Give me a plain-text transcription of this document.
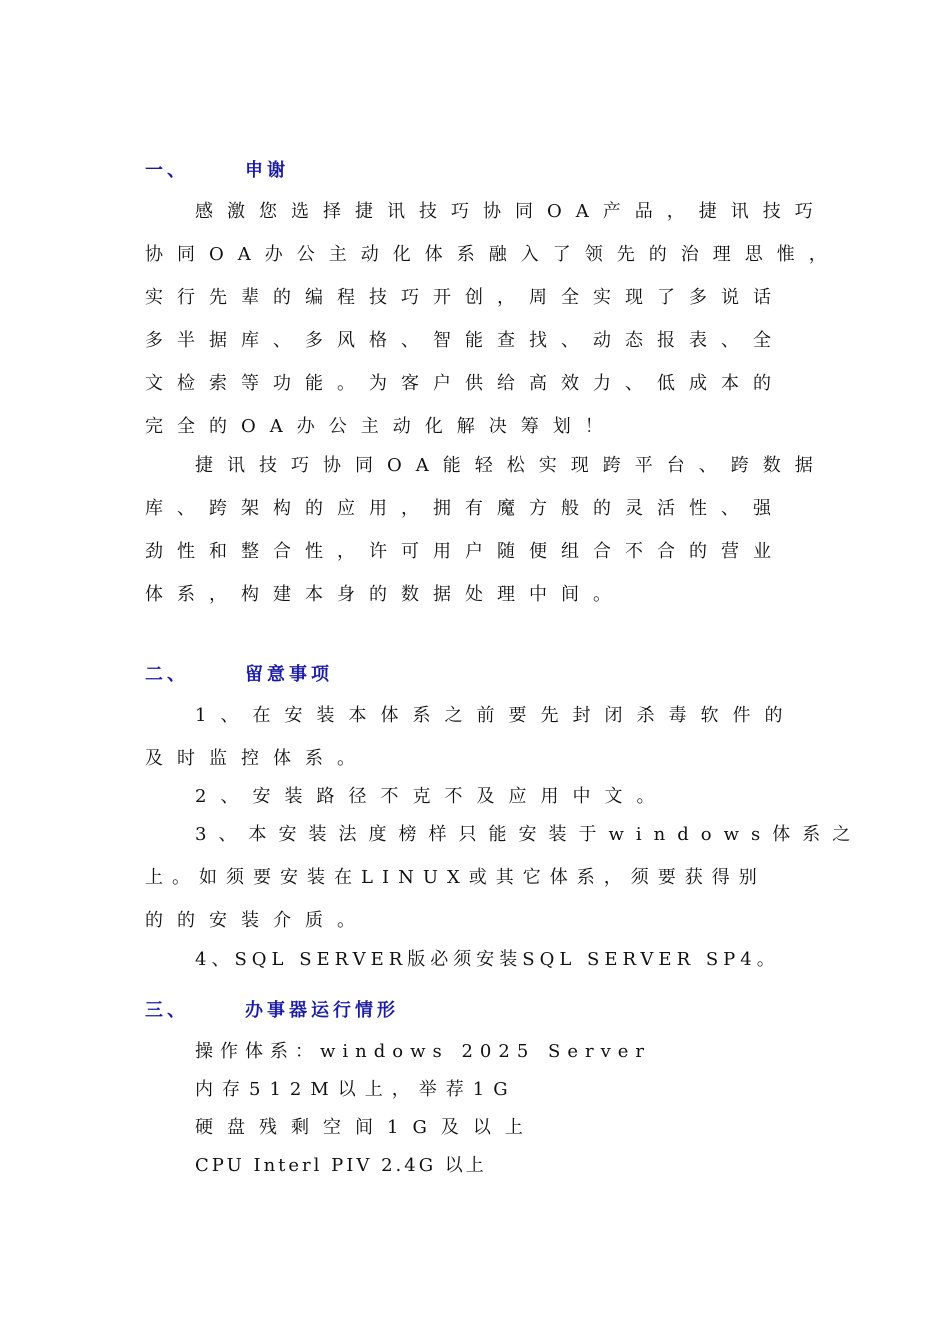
一、	申谢
感激您选择捷讯技巧协同OA产品，捷讯技巧
协同OA办公主动化体系融入了领先的治理思惟，
实行先辈的编程技巧开创，周全实现了多说话
多半据库、多风格、智能查找、动态报表、全
文检索等功能。为客户供给高效力、低成本的
完全的OA办公主动化解决筹划！
捷讯技巧协同OA能轻松实现跨平台、跨数据
库、跨架构的应用，拥有魔方般的灵活性、强
劲性和整合性，许可用户随便组合不合的营业
体系，构建本身的数据处理中间。
二、	留意事项
1、在安装本体系之前要先封闭杀毒软件的
及时监控体系。
2、安装路径不克不及应用中文。
3、本安装法度榜样只能安装于windows体系之
上。如须要安装在LINUX或其它体系，须要获得别
的的安装介质。
4、SQL SERVER版必须安装SQL SERVER SP4。
三、	办事器运行情形
操作体系：windows 2025 Server
内存512M以上，举荐1G
硬盘残剩空间1G及以上
CPU Interl PIV 2.4G 以上
